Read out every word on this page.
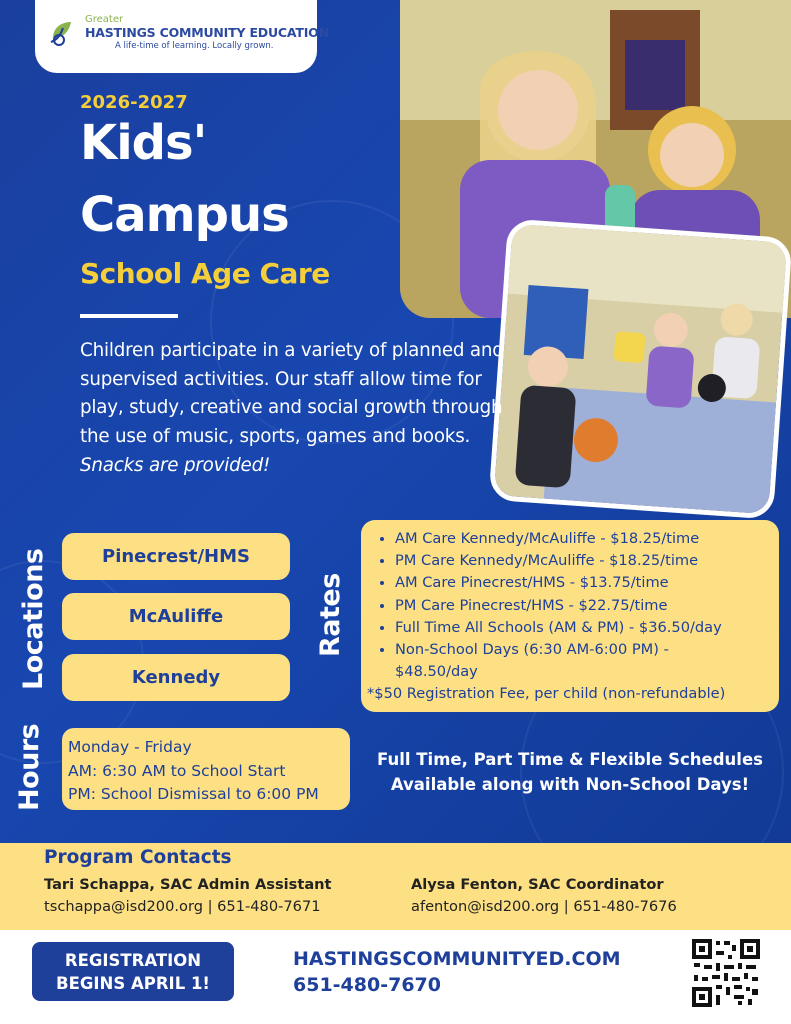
Greater
HASTINGS COMMUNITY EDUCATION
A life-time of learning. Locally grown.
2026-2027
Kids'
Campus
School Age Care
Children participate in a variety of planned and supervised activities. Our staff allow time for play, study, creative and social growth through the use of music, sports, games and books. Snacks are provided!
Locations	Pinecrest/HMS
McAuliffe
Kennedy
Rates
• AM Care Kennedy/McAuliffe - $18.25/time
• PM Care Kennedy/McAuliffe - $18.25/time
• AM Care Pinecrest/HMS - $13.75/time
• PM Care Pinecrest/HMS - $22.75/time
• Full Time All Schools (AM & PM) - $36.50/day
• Non-School Days (6:30 AM-6:00 PM) - $48.50/day
*$50 Registration Fee, per child (non-refundable)
Hours Monday - Friday
AM: 6:30 AM to School Start
PM: School Dismissal to 6:00 PM
Full Time, Part Time & Flexible Schedules
Available along with Non-School Days!
Program Contacts
Tari Schappa, SAC Admin Assistant
tschappa@isd200.org | 651-480-7671
Alysa Fenton, SAC Coordinator
afenton@isd200.org | 651-480-7676
REGISTRATION
BEGINS APRIL 1!
HASTINGSCOMMUNITYED.COM
651-480-7670
